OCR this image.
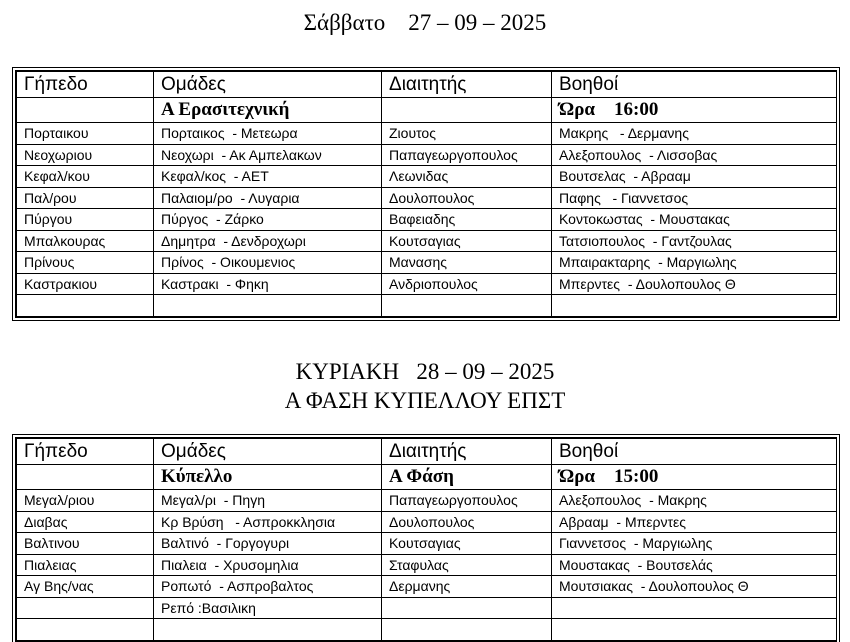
Σάββατο    27 – 09 – 2025
Γήπεδο	Ομάδες	Διαιτητής	Βοηθοί
	Α Ερασιτεχνική		Ώρα    16:00
Πορταικου	Πορταικος  - Μετεωρα	Ζιουτος	Μακρης   - Δερμανης
Νεοχωριου	Νεοχωρι  - Ακ Αμπελακων	Παπαγεωργοπουλος	Αλεξοπουλος  - Λισσοβας
Κεφαλ/κου	Κεφαλ/κος  - ΑΕΤ	Λεωνιδας	Βουτσελας  - Αβρααμ
Παλ/ρου	Παλαιομ/ρο  - Λυγαρια	Δουλοπουλος	Παφης   - Γιαννετσος
Πύργου	Πύργος  - Ζάρκο	Βαφειαδης	Κοντοκωστας  - Μουστακας
Μπαλκουρας	Δημητρα  - Δενδροχωρι	Κουτσαγιας	Τατσιοπουλος  - Γαντζουλας
Πρίνους	Πρίνος  - Οικουμενιος	Μανασης	Μπαιρακταρης  - Μαργιωλης
Καστρακιου	Καστρακι  - Φηκη	Ανδριοπουλος	Μπερντες  - Δουλοπουλος Θ

ΚΥΡΙΑΚΗ   28 – 09 – 2025
Α ΦΑΣΗ ΚΥΠΕΛΛΟΥ ΕΠΣΤ
Γήπεδο	Ομάδες	Διαιτητής	Βοηθοί
	Κύπελλο	Α Φάση	Ώρα    15:00
Μεγαλ/ριου	Μεγαλ/ρι  - Πηγη	Παπαγεωργοπουλος	Αλεξοπουλος  - Μακρης
Διαβας	Κρ Βρύση   - Ασπροκκλησια	Δουλοπουλος	Αβρααμ  - Μπερντες
Βαλτινου	Βαλτινό  - Γοργογυρι	Κουτσαγιας	Γιαννετσος  - Μαργιωλης
Πιαλειας	Πιαλεια  - Χρυσομηλια	Σταφυλας	Μουστακας  - Βουτσελάς
Αγ Βης/νας	Ροπωτό  - Ασπροβαλτος	Δερμανης	Μουτσιακας  - Δουλοπουλος Θ
	Ρεπό :Βασιλικη		
